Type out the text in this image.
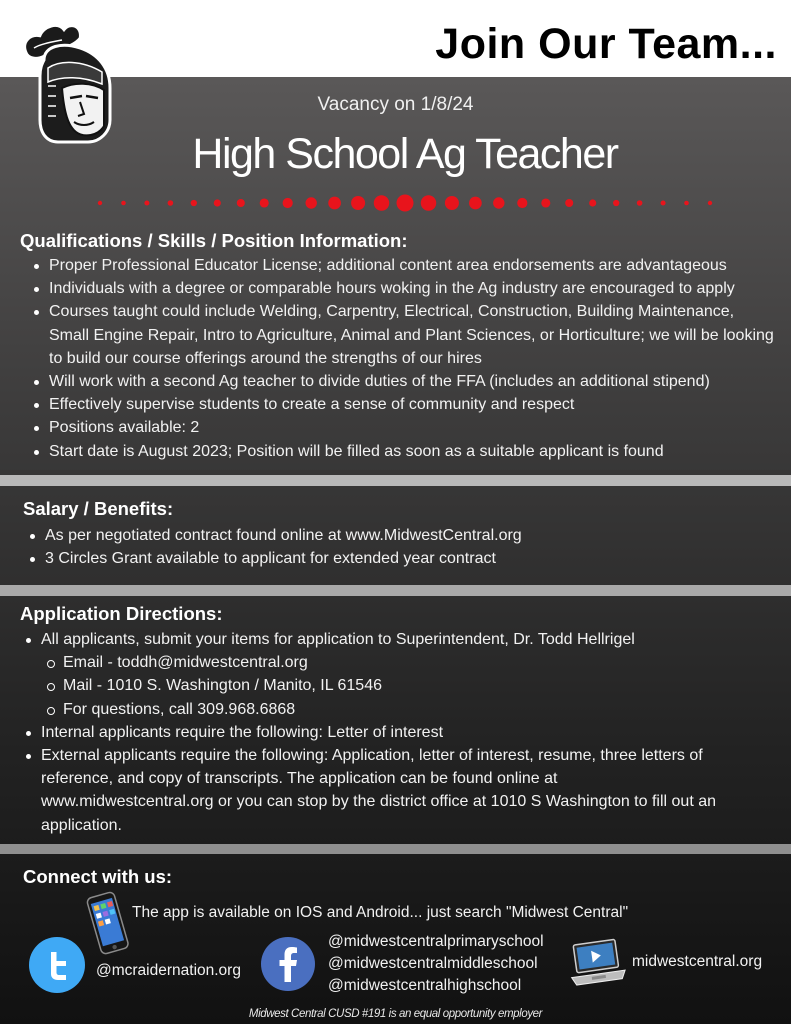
Join Our Team...
Vacancy on 1/8/24
High School Ag Teacher
Qualifications / Skills / Position Information:
Proper Professional Educator License; additional content area endorsements are advantageous
Individuals with a degree or comparable hours woking in the Ag industry are encouraged to apply
Courses taught could include Welding, Carpentry, Electrical, Construction, Building Maintenance, Small Engine Repair, Intro to Agriculture, Animal and Plant Sciences, or Horticulture; we will be looking to build our course offerings around the strengths of our hires
Will work with a second Ag teacher to divide duties of the FFA (includes an additional stipend)
Effectively supervise students to create a sense of community and respect
Positions available: 2
Start date is August 2023; Position will be filled as soon as a suitable applicant is found
Salary / Benefits:
As per negotiated contract found online at www.MidwestCentral.org
3 Circles Grant available to applicant for extended year contract
Application Directions:
All applicants, submit your items for application to Superintendent, Dr. Todd Hellrigel
Email - toddh@midwestcentral.org
Mail - 1010 S. Washington / Manito, IL 61546
For questions, call 309.968.6868
Internal applicants require the following: Letter of interest
External applicants require the following: Application, letter of interest, resume, three letters of reference, and copy of transcripts. The application can be found online at www.midwestcentral.org or you can stop by the district office at 1010 S Washington to fill out an application.
Connect with us:
The app is available on IOS and Android... just search "Midwest Central"
@mcraidernation.org
@midwestcentralprimaryschool
@midwestcentralmiddleschool
@midwestcentralhighschool
midwestcentral.org
Midwest Central CUSD #191 is an equal opportunity employer
